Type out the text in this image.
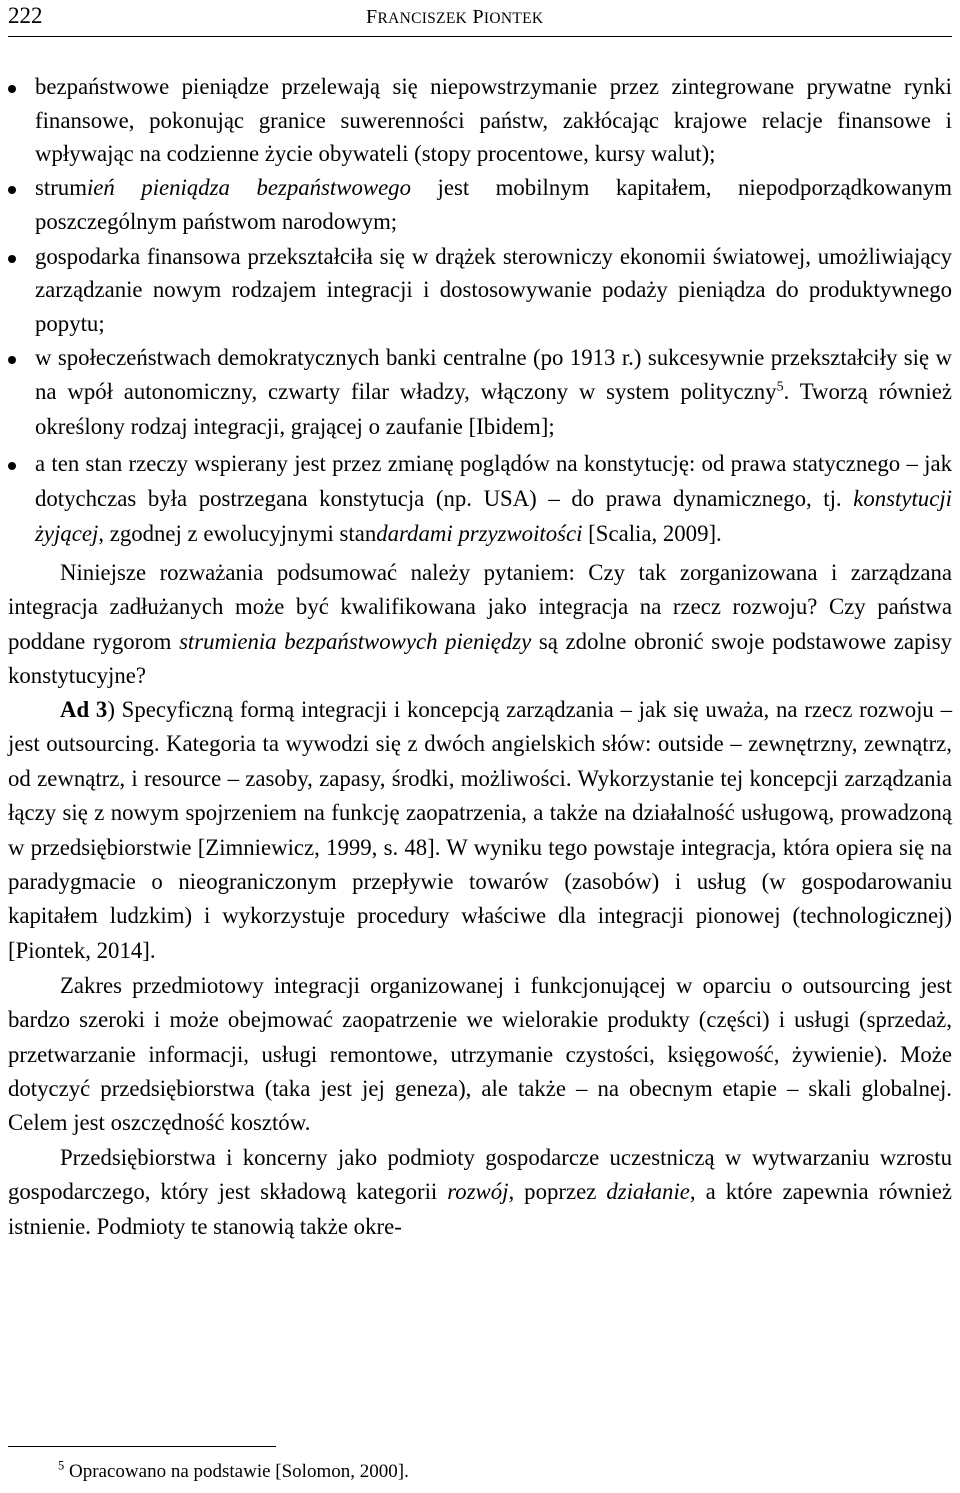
222	FRANCISZEK PIONTEK
bezpaństwowe pieniądze przelewają się niepowstrzymanie przez zintegrowane prywatne rynki finansowe, pokonując granice suwerenności państw, zakłócając krajowe relacje finansowe i wpływając na codzienne życie obywateli (stopy procentowe, kursy walut);
strumień pieniądza bezpaństwowego jest mobilnym kapitałem, niepodporządkowanym poszczególnym państwom narodowym;
gospodarka finansowa przekształciła się w drążek sterowniczy ekonomii światowej, umożliwiający zarządzanie nowym rodzajem integracji i dostosowywanie podaży pieniądza do produktywnego popytu;
w społeczeństwach demokratycznych banki centralne (po 1913 r.) sukcesywnie przekształciły się w na wpół autonomiczny, czwarty filar władzy, włączony w system polityczny$^5$. Tworzą również określony rodzaj integracji, grającej o zaufanie [Ibidem];
a ten stan rzeczy wspierany jest przez zmianę poglądów na konstytucję: od prawa statycznego – jak dotychczas była postrzegana konstytucja (np. USA) – do prawa dynamicznego, tj. konstytucji żyjącej, zgodnej z ewolucyjnymi standardami przyzwoitości [Scalia, 2009].

Niniejsze rozważania podsumować należy pytaniem: Czy tak zorganizowana i zarządzana integracja zadłużanych może być kwalifikowana jako integracja na rzecz rozwoju? Czy państwa poddane rygorom strumienia bezpaństwowych pieniędzy są zdolne obronić swoje podstawowe zapisy konstytucyjne?

Ad 3) Specyficzną formą integracji i koncepcją zarządzania – jak się uważa, na rzecz rozwoju – jest outsourcing. Kategoria ta wywodzi się z dwóch angielskich słów: outside – zewnętrzny, zewnątrz, od zewnątrz, i resource – zasoby, zapasy, środki, możliwości. Wykorzystanie tej koncepcji zarządzania łączy się z nowym spojrzeniem na funkcję zaopatrzenia, a także na działalność usługową, prowadzoną w przedsiębiorstwie [Zimniewicz, 1999, s. 48]. W wyniku tego powstaje integracja, która opiera się na paradygmacie o nieograniczonym przepływie towarów (zasobów) i usług (w gospodarowaniu kapitałem ludzkim) i wykorzystuje procedury właściwe dla integracji pionowej (technologicznej) [Piontek, 2014].

Zakres przedmiotowy integracji organizowanej i funkcjonującej w oparciu o outsourcing jest bardzo szeroki i może obejmować zaopatrzenie we wielorakie produkty (części) i usługi (sprzedaż, przetwarzanie informacji, usługi remontowe, utrzymanie czystości, księgowość, żywienie). Może dotyczyć przedsiębiorstwa (taka jest jej geneza), ale także – na obecnym etapie – skali globalnej. Celem jest oszczędność kosztów.

Przedsiębiorstwa i koncerny jako podmioty gospodarcze uczestniczą w wytwarzaniu wzrostu gospodarczego, który jest składową kategorii rozwój, poprzez działanie, a które zapewnia również istnienie. Podmioty te stanowią także okre-

$^5$ Opracowano na podstawie [Solomon, 2000].
